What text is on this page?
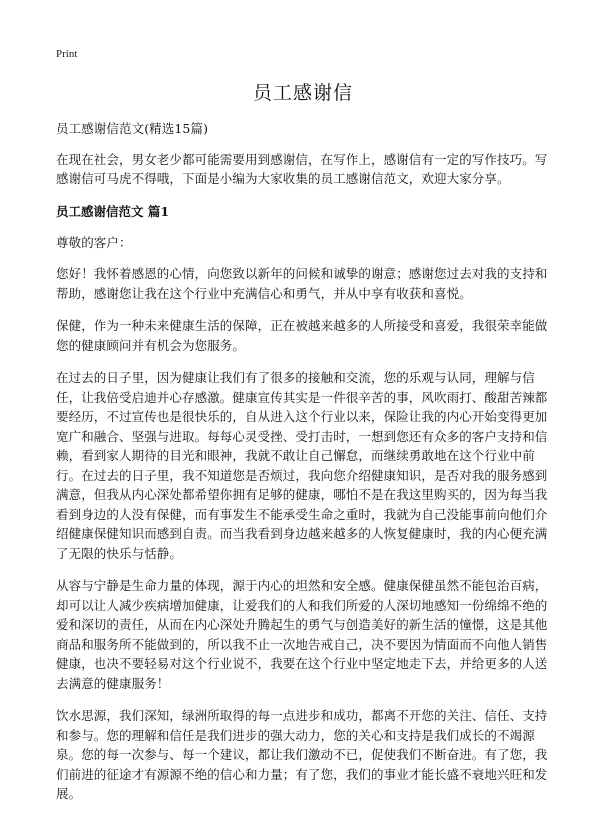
Print
员工感谢信

员工感谢信范文(精选15篇)

在现在社会，男女老少都可能需要用到感谢信，在写作上，感谢信有一定的写作技巧。写感谢信可马虎不得哦，下面是小编为大家收集的员工感谢信范文，欢迎大家分享。

员工感谢信范文 篇1

尊敬的客户：

您好！我怀着感恩的心情，向您致以新年的问候和诚挚的谢意；感谢您过去对我的支持和帮助，感谢您让我在这个行业中充满信心和勇气，并从中享有收获和喜悦。

保健，作为一种未来健康生活的保障，正在被越来越多的人所接受和喜爱，我很荣幸能做您的健康顾问并有机会为您服务。

在过去的日子里，因为健康让我们有了很多的接触和交流，您的乐观与认同，理解与信任，让我倍受启迪并心存感激。健康宣传其实是一件很辛苦的事，风吹雨打、酸甜苦辣都要经历，不过宣传也是很快乐的，自从进入这个行业以来，保险让我的内心开始变得更加宽广和融合、坚强与进取。每每心灵受挫、受打击时，一想到您还有众多的客户支持和信赖，看到家人期待的目光和眼神，我就不敢让自己懈怠，而继续勇敢地在这个行业中前行。在过去的日子里，我不知道您是否烦过，我向您介绍健康知识，是否对我的服务感到满意，但我从内心深处都希望你拥有足够的健康，哪怕不是在我这里购买的，因为每当我看到身边的人没有保健，而有事发生不能承受生命之重时，我就为自己没能事前向他们介绍健康保健知识而感到自责。而当我看到身边越来越多的人恢复健康时，我的内心便充满了无限的快乐与恬静。

从容与宁静是生命力量的体现，源于内心的坦然和安全感。健康保健虽然不能包治百病，却可以让人减少疾病增加健康，让爱我们的人和我们所爱的人深切地感知一份绵绵不绝的爱和深切的责任，从而在内心深处升腾起生的勇气与创造美好的新生活的憧憬，这是其他商品和服务所不能做到的，所以我不止一次地告戒自己，决不要因为情面而不向他人销售健康，也决不要轻易对这个行业说不，我要在这个行业中坚定地走下去，并给更多的人送去满意的健康服务！

饮水思源，我们深知，绿洲所取得的每一点进步和成功，都离不开您的关注、信任、支持和参与。您的理解和信任是我们进步的强大动力，您的关心和支持是我们成长的不竭源泉。您的每一次参与、每一个建议，都让我们激动不已，促使我们不断奋进。有了您，我们前进的征途才有源源不绝的信心和力量；有了您，我们的事业才能长盛不衰地兴旺和发展。
